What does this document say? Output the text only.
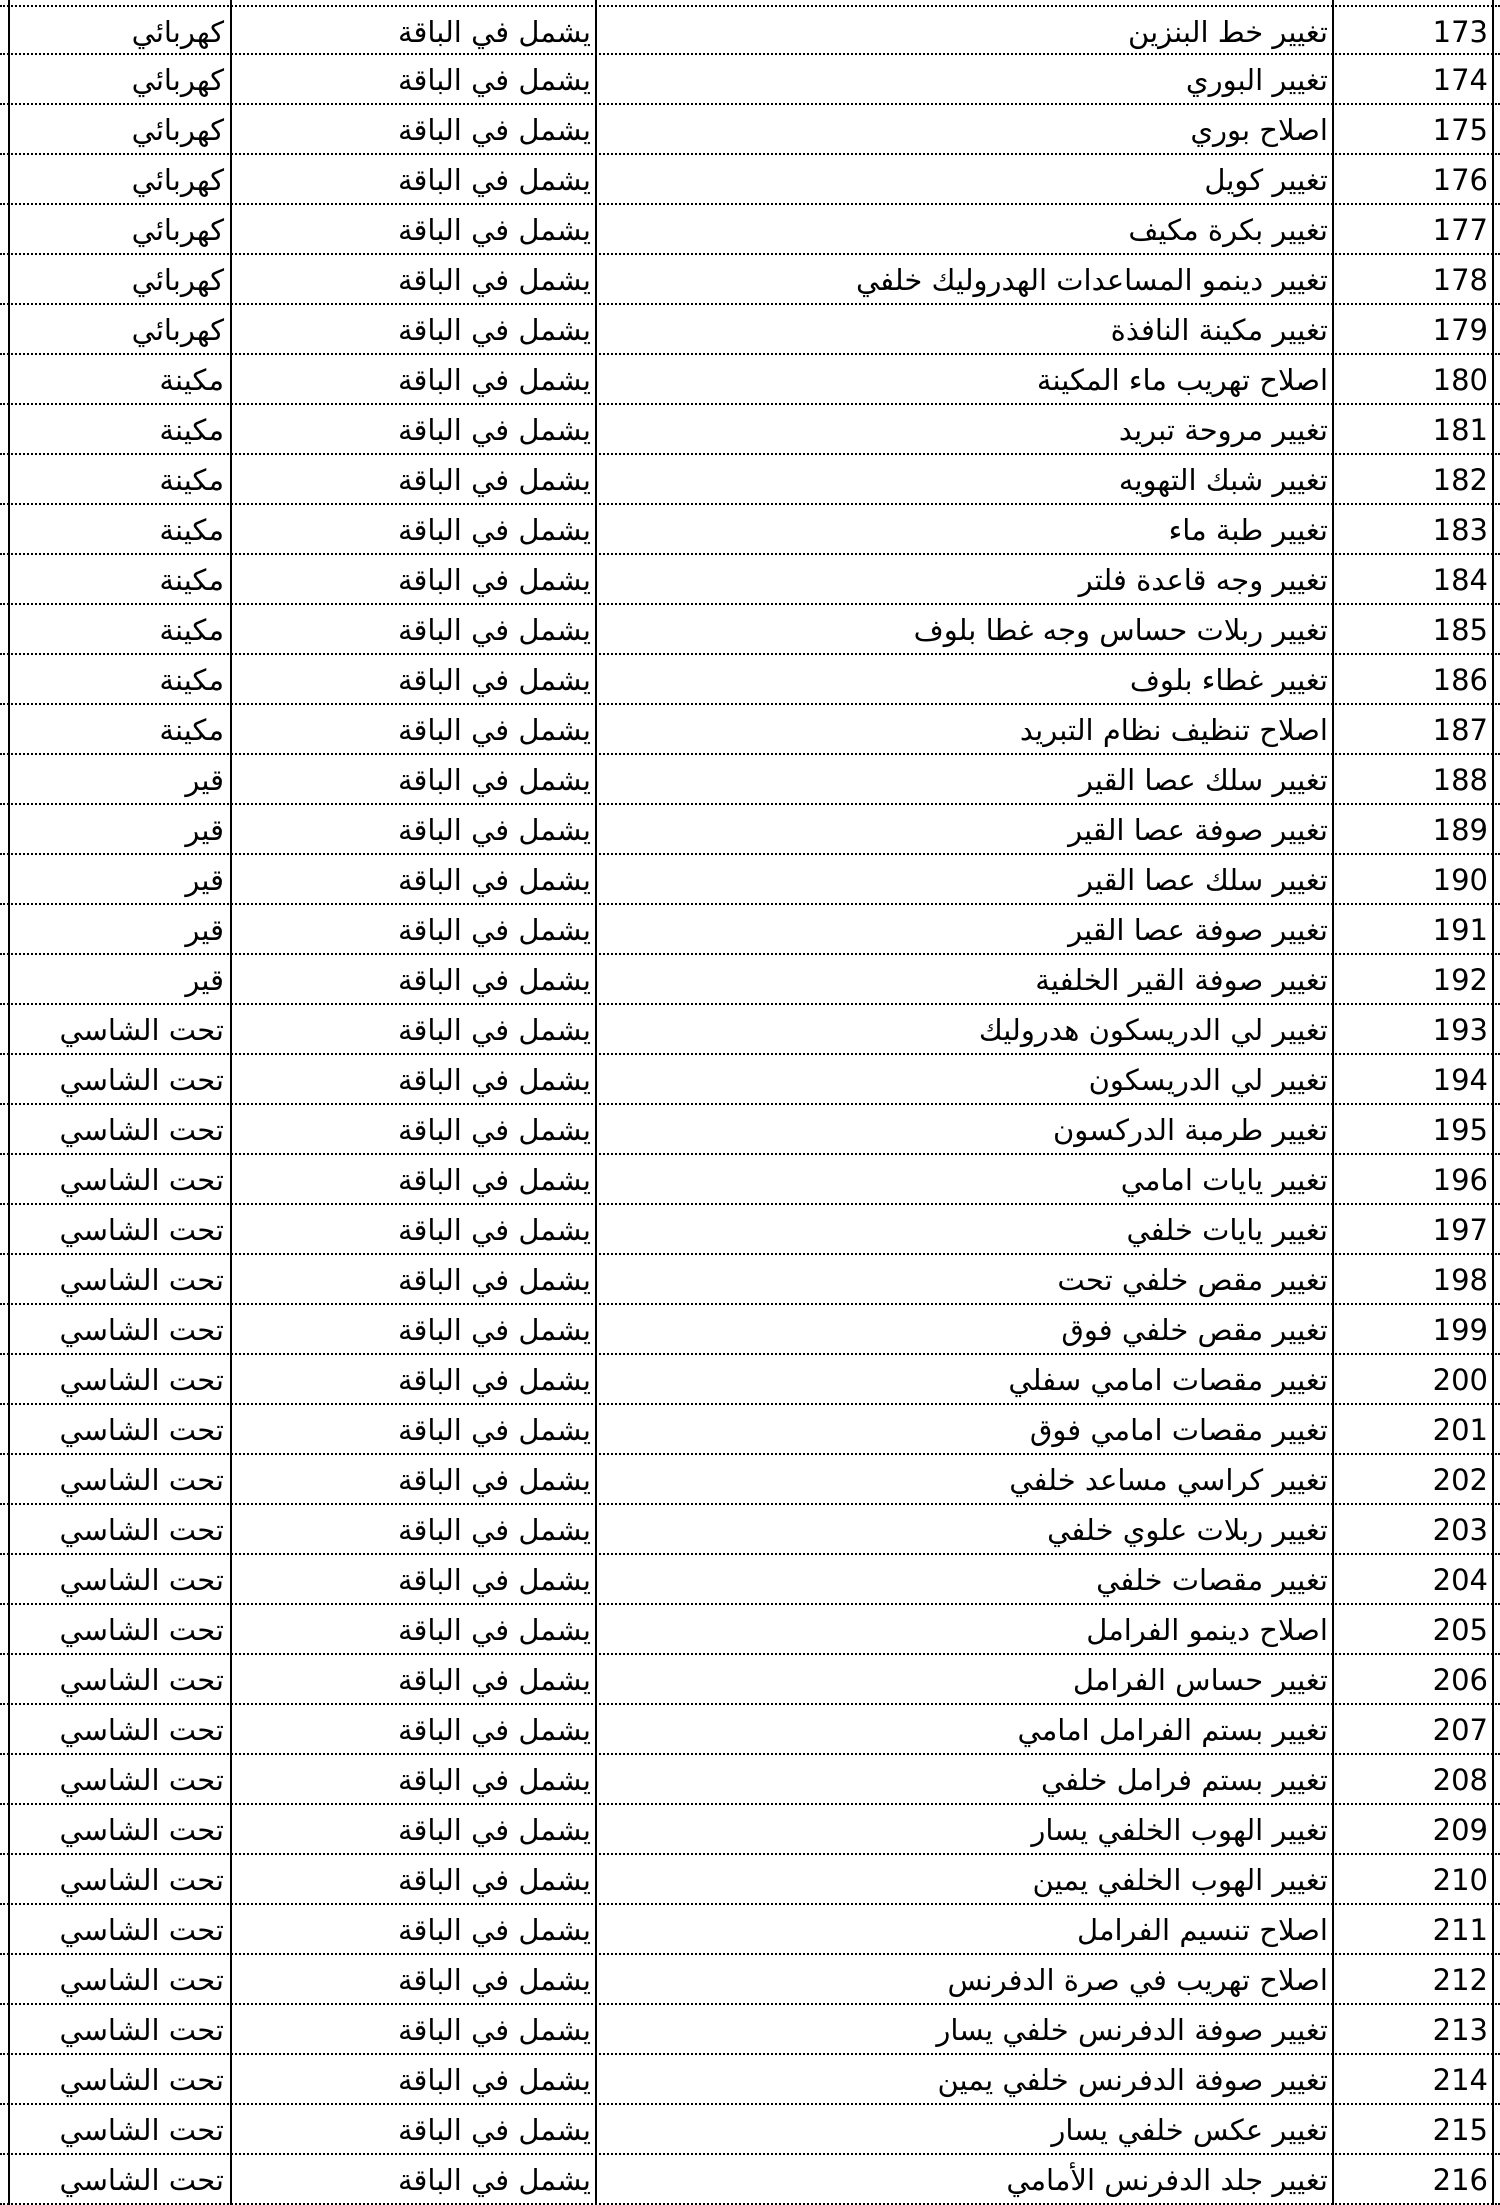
173
تغيير خط البنزين
يشمل في الباقة
كهربائي
174
تغيير البوري
يشمل في الباقة
كهربائي
175
اصلاح بوري
يشمل في الباقة
كهربائي
176
تغيير كويل
يشمل في الباقة
كهربائي
177
تغيير بكرة مكيف
يشمل في الباقة
كهربائي
178
تغيير دينمو المساعدات الهدروليك خلفي
يشمل في الباقة
كهربائي
179
تغيير مكينة النافذة
يشمل في الباقة
كهربائي
180
اصلاح تهريب ماء المكينة
يشمل في الباقة
مكينة
181
تغيير مروحة تبريد
يشمل في الباقة
مكينة
182
تغيير شبك التهويه
يشمل في الباقة
مكينة
183
تغيير طبة ماء
يشمل في الباقة
مكينة
184
تغيير وجه قاعدة فلتر
يشمل في الباقة
مكينة
185
تغيير ربلات حساس وجه غطا بلوف
يشمل في الباقة
مكينة
186
تغيير غطاء بلوف
يشمل في الباقة
مكينة
187
اصلاح تنظيف نظام التبريد
يشمل في الباقة
مكينة
188
تغيير سلك عصا القير
يشمل في الباقة
قير
189
تغيير صوفة عصا القير
يشمل في الباقة
قير
190
تغيير سلك عصا القير
يشمل في الباقة
قير
191
تغيير صوفة عصا القير
يشمل في الباقة
قير
192
تغيير صوفة القير الخلفية
يشمل في الباقة
قير
193
تغيير لي الدريسكون هدروليك
يشمل في الباقة
تحت الشاسي
194
تغيير لي الدريسكون
يشمل في الباقة
تحت الشاسي
195
تغيير طرمبة الدركسون
يشمل في الباقة
تحت الشاسي
196
تغيير يايات امامي
يشمل في الباقة
تحت الشاسي
197
تغيير يايات خلفي
يشمل في الباقة
تحت الشاسي
198
تغيير مقص خلفي تحت
يشمل في الباقة
تحت الشاسي
199
تغيير مقص خلفي فوق
يشمل في الباقة
تحت الشاسي
200
تغيير مقصات امامي سفلي
يشمل في الباقة
تحت الشاسي
201
تغيير مقصات امامي فوق
يشمل في الباقة
تحت الشاسي
202
تغيير كراسي مساعد خلفي
يشمل في الباقة
تحت الشاسي
203
تغيير ربلات علوي خلفي
يشمل في الباقة
تحت الشاسي
204
تغيير مقصات خلفي
يشمل في الباقة
تحت الشاسي
205
اصلاح دينمو الفرامل
يشمل في الباقة
تحت الشاسي
206
تغيير حساس الفرامل
يشمل في الباقة
تحت الشاسي
207
تغيير بستم الفرامل امامي
يشمل في الباقة
تحت الشاسي
208
تغيير بستم فرامل خلفي
يشمل في الباقة
تحت الشاسي
209
تغيير الهوب الخلفي يسار
يشمل في الباقة
تحت الشاسي
210
تغيير الهوب الخلفي يمين
يشمل في الباقة
تحت الشاسي
211
اصلاح تنسيم الفرامل
يشمل في الباقة
تحت الشاسي
212
اصلاح تهريب في صرة الدفرنس
يشمل في الباقة
تحت الشاسي
213
تغيير صوفة الدفرنس خلفي يسار
يشمل في الباقة
تحت الشاسي
214
تغيير صوفة الدفرنس خلفي يمين
يشمل في الباقة
تحت الشاسي
215
تغيير عكس خلفي يسار
يشمل في الباقة
تحت الشاسي
216
تغيير جلد الدفرنس الأمامي
يشمل في الباقة
تحت الشاسي
